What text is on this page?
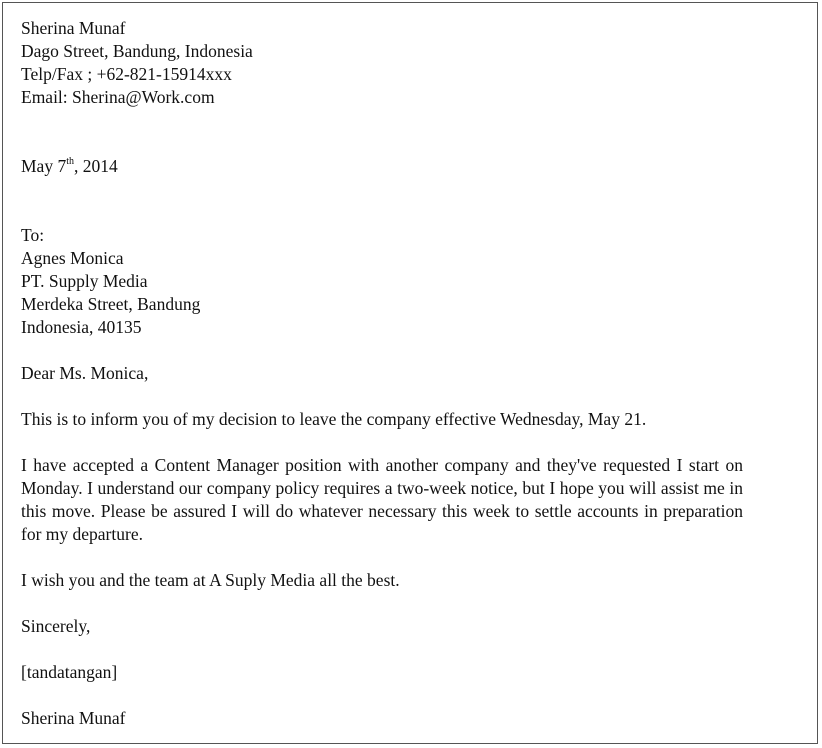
Sherina Munaf
Dago Street, Bandung, Indonesia
Telp/Fax ; +62-821-15914xxx
Email: Sherina@Work.com
May 7th, 2014
To:
Agnes Monica
PT. Supply Media
Merdeka Street, Bandung
Indonesia, 40135
Dear Ms. Monica,

This is to inform you of my decision to leave the company effective Wednesday, May 21.

I have accepted a Content Manager position with another company and they've requested I start on Monday. I understand our company policy requires a two-week notice, but I hope you will assist me in this move. Please be assured I will do whatever necessary this week to settle accounts in preparation for my departure.

I wish you and the team at A Suply Media all the best.

Sincerely,
[tandatangan]
Sherina Munaf
